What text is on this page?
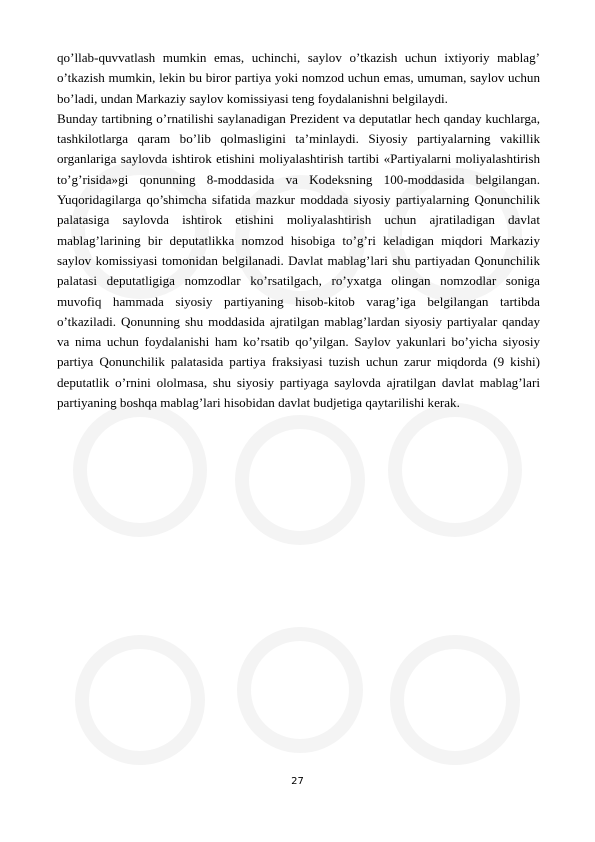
qo’llab-quvvatlash mumkin emas, uchinchi, saylov o’tkazish uchun ixtiyoriy mablag’ o’tkazish mumkin, lekin bu biror partiya yoki nomzod uchun emas, umuman, saylov uchun bo’ladi, undan Markaziy saylov komissiyasi teng foydalanishni belgilaydi.

Bunday tartibning o’rnatilishi saylanadigan Prezident va deputatlar hech qanday kuchlarga, tashkilotlarga qaram bo’lib qolmasligini ta’minlaydi. Siyosiy partiyalarning vakillik organlariga saylovda ishtirok etishini moliyalashtirish tartibi «Partiyalarni moliyalashtirish to’g’risida»gi qonunning 8-moddasida va Kodeksning 100-moddasida belgilangan. Yuqoridagilarga qo’shimcha sifatida mazkur moddada siyosiy partiyalarning Qonunchilik palatasiga saylovda ishtirok etishini moliyalashtirish uchun ajratiladigan davlat mablag’larining bir deputatlikka nomzod hisobiga to’g’ri keladigan miqdori Markaziy saylov komissiyasi tomonidan belgilanadi. Davlat mablag’lari shu partiyadan Qonunchilik palatasi deputatligiga nomzodlar ko’rsatilgach, ro’yxatga olingan nomzodlar soniga muvofiq hammada siyosiy partiyaning hisob-kitob varag’iga belgilangan tartibda o’tkaziladi. Qonunning shu moddasida ajratilgan mablag’lardan siyosiy partiyalar qanday va nima uchun foydalanishi ham ko’rsatib qo’yilgan. Saylov yakunlari bo’yicha siyosiy partiya Qonunchilik palatasida partiya fraksiyasi tuzish uchun zarur miqdorda (9 kishi) deputatlik o’rnini ololmasa, shu siyosiy partiyaga saylovda ajratilgan davlat mablag’lari partiyaning boshqa mablag’lari hisobidan davlat budjetiga qaytarilishi kerak.

27
